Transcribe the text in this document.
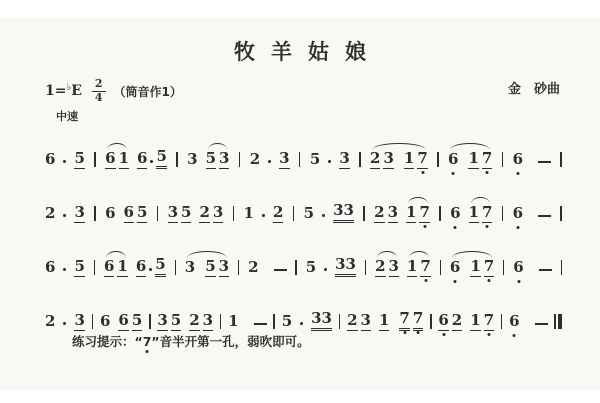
牧羊姑娘
1= ♭ E $\frac{2}{4}$ （筒音作1）	金　砂曲
中速
6 5 6 1 6 5 3 5 3 2 3 5 3 2 3 1 7 6 1 7 6
2 3 6 6 5 3 5 2 3 1 2 5 33 2 3 1 7 6 1 7 6
6 5 6 1 6 5 3 5 3 2	5 33 2 3 1 7 6 1 7 6
2 3 6 6 5 3 5 2 3 1	5 33 2 3 1 7 7 6 2 1 7 6
练习提示：“7
”音半开第一孔，弱吹即可。
